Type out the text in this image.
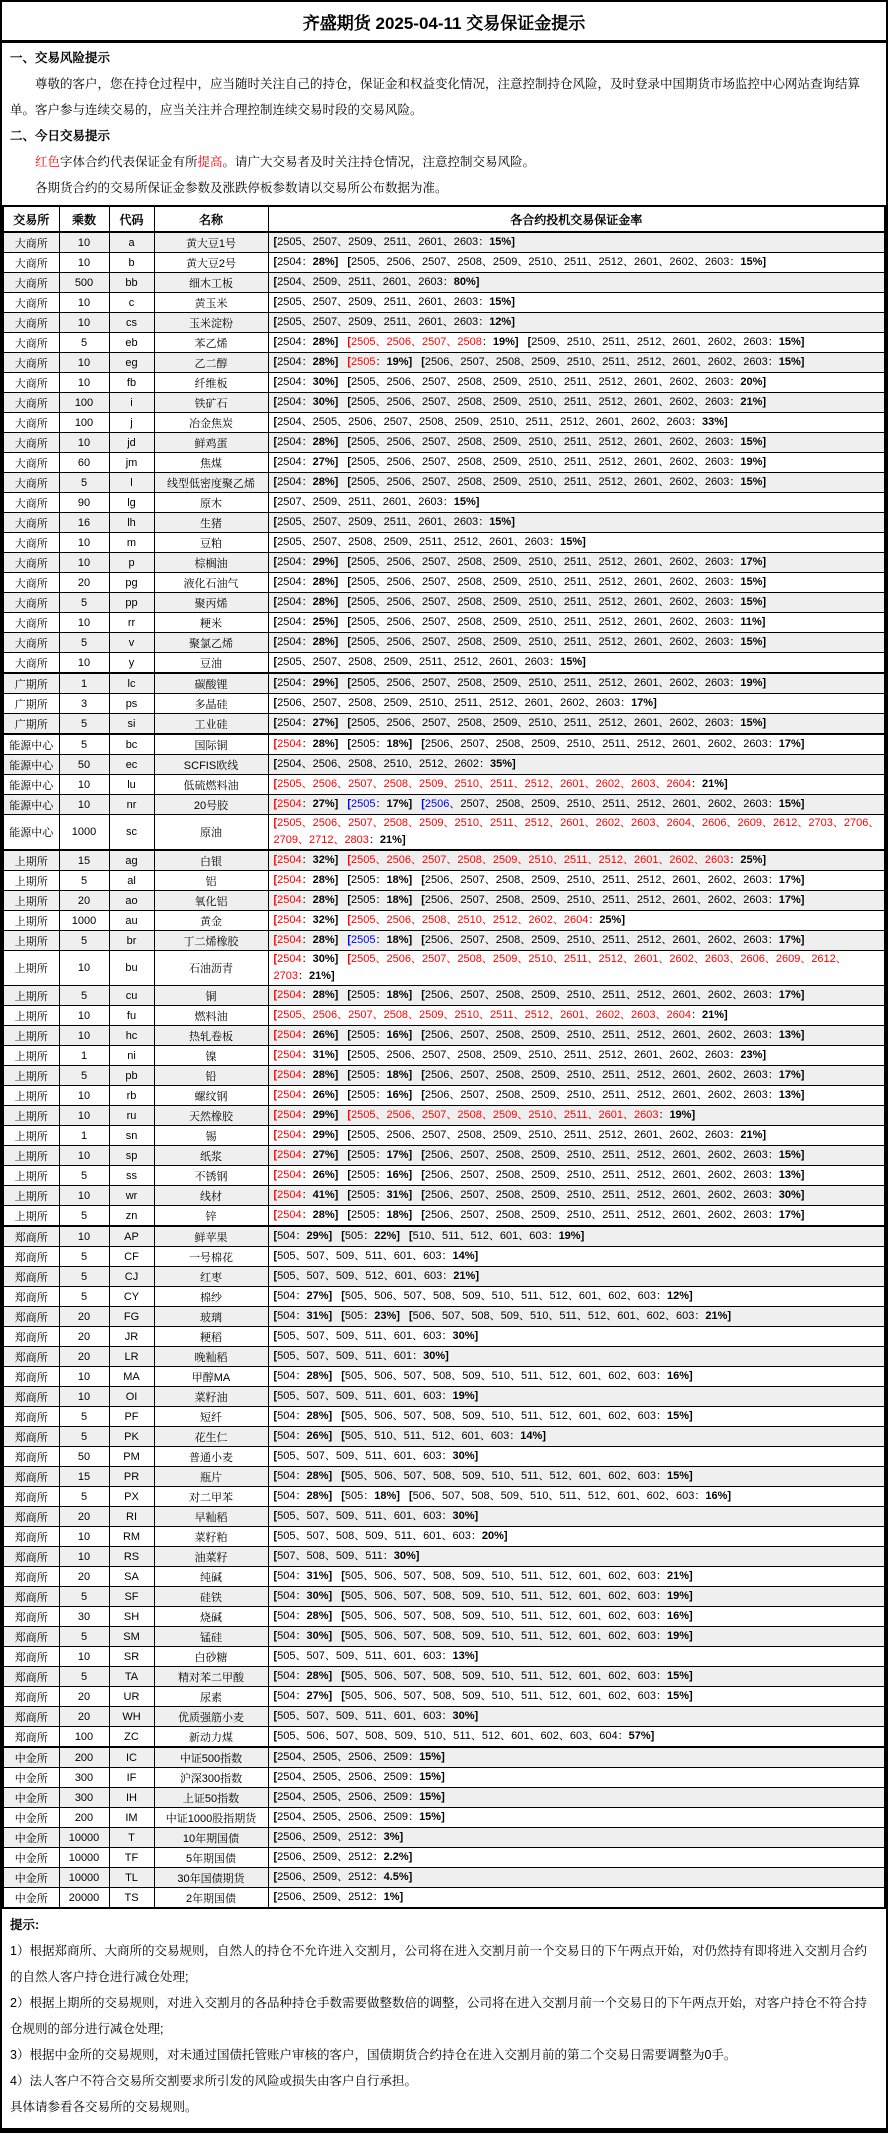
齐盛期货 2025-04-11 交易保证金提示
一、交易风险提示

尊敬的客户，您在持仓过程中，应当随时关注自己的持仓，保证金和权益变化情况，注意控制持仓风险，及时登录中国期货市场监控中心网站查询结算单。客户参与连续交易的，应当关注并合理控制连续交易时段的交易风险。

二、今日交易提示

红色字体合约代表保证金有所提高。请广大交易者及时关注持仓情况，注意控制交易风险。

各期货合约的交易所保证金参数及涨跌停板参数请以交易所公布数据为准。

交易所	乘数	代码	名称	各合约投机交易保证金率
大商所	10	a	黄大豆1号	[2505、2507、2509、2511、2601、2603：15%]
大商所	10	b	黄大豆2号	[2504：28%] [2505、2506、2507、2508、2509、2510、2511、2512、2601、2602、2603：15%]
大商所	500	bb	细木工板	[2504、2509、2511、2601、2603：80%]
大商所	10	c	黄玉米	[2505、2507、2509、2511、2601、2603：15%]
大商所	10	cs	玉米淀粉	[2505、2507、2509、2511、2601、2603：12%]
大商所	5	eb	苯乙烯	[2504：28%] [2505、2506、2507、2508：19%] [2509、2510、2511、2512、2601、2602、2603：15%]
大商所	10	eg	乙二醇	[2504：28%] [2505：19%] [2506、2507、2508、2509、2510、2511、2512、2601、2602、2603：15%]
大商所	10	fb	纤维板	[2504：30%] [2505、2506、2507、2508、2509、2510、2511、2512、2601、2602、2603：20%]
大商所	100	i	铁矿石	[2504：30%] [2505、2506、2507、2508、2509、2510、2511、2512、2601、2602、2603：21%]
大商所	100	j	冶金焦炭	[2504、2505、2506、2507、2508、2509、2510、2511、2512、2601、2602、2603：33%]
大商所	10	jd	鲜鸡蛋	[2504：28%] [2505、2506、2507、2508、2509、2510、2511、2512、2601、2602、2603：15%]
大商所	60	jm	焦煤	[2504：27%] [2505、2506、2507、2508、2509、2510、2511、2512、2601、2602、2603：19%]
大商所	5	l	线型低密度聚乙烯	[2504：28%] [2505、2506、2507、2508、2509、2510、2511、2512、2601、2602、2603：15%]
大商所	90	lg	原木	[2507、2509、2511、2601、2603：15%]
大商所	16	lh	生猪	[2505、2507、2509、2511、2601、2603：15%]
大商所	10	m	豆粕	[2505、2507、2508、2509、2511、2512、2601、2603：15%]
大商所	10	p	棕榈油	[2504：29%] [2505、2506、2507、2508、2509、2510、2511、2512、2601、2602、2603：17%]
大商所	20	pg	液化石油气	[2504：28%] [2505、2506、2507、2508、2509、2510、2511、2512、2601、2602、2603：15%]
大商所	5	pp	聚丙烯	[2504：28%] [2505、2506、2507、2508、2509、2510、2511、2512、2601、2602、2603：15%]
大商所	10	rr	粳米	[2504：25%] [2505、2506、2507、2508、2509、2510、2511、2512、2601、2602、2603：11%]
大商所	5	v	聚氯乙烯	[2504：28%] [2505、2506、2507、2508、2509、2510、2511、2512、2601、2602、2603：15%]
大商所	10	y	豆油	[2505、2507、2508、2509、2511、2512、2601、2603：15%]
广期所	1	lc	碳酸锂	[2504：29%] [2505、2506、2507、2508、2509、2510、2511、2512、2601、2602、2603：19%]
广期所	3	ps	多晶硅	[2506、2507、2508、2509、2510、2511、2512、2601、2602、2603：17%]
广期所	5	si	工业硅	[2504：27%] [2505、2506、2507、2508、2509、2510、2511、2512、2601、2602、2603：15%]
能源中心	5	bc	国际铜	[2504：28%] [2505：18%] [2506、2507、2508、2509、2510、2511、2512、2601、2602、2603：17%]
能源中心	50	ec	SCFIS欧线	[2504、2506、2508、2510、2512、2602：35%]
能源中心	10	lu	低硫燃料油	[2505、2506、2507、2508、2509、2510、2511、2512、2601、2602、2603、2604：21%]
能源中心	10	nr	20号胶	[2504：27%] [2505：17%] [2506、2507、2508、2509、2510、2511、2512、2601、2602、2603：15%]
能源中心	1000	sc	原油	[2505、2506、2507、2508、2509、2510、2511、2512、2601、2602、2603、2604、2606、2609、2612、2703、2706、2709、2712、2803：21%]
上期所	15	ag	白银	[2504：32%] [2505、2506、2507、2508、2509、2510、2511、2512、2601、2602、2603：25%]
上期所	5	al	铝	[2504：28%] [2505：18%] [2506、2507、2508、2509、2510、2511、2512、2601、2602、2603：17%]
上期所	20	ao	氧化铝	[2504：28%] [2505：18%] [2506、2507、2508、2509、2510、2511、2512、2601、2602、2603：17%]
上期所	1000	au	黄金	[2504：32%] [2505、2506、2508、2510、2512、2602、2604：25%]
上期所	5	br	丁二烯橡胶	[2504：28%] [2505：18%] [2506、2507、2508、2509、2510、2511、2512、2601、2602、2603：17%]
上期所	10	bu	石油沥青	[2504：30%] [2505、2506、2507、2508、2509、2510、2511、2512、2601、2602、2603、2606、2609、2612、2703：21%]
上期所	5	cu	铜	[2504：28%] [2505：18%] [2506、2507、2508、2509、2510、2511、2512、2601、2602、2603：17%]
上期所	10	fu	燃料油	[2505、2506、2507、2508、2509、2510、2511、2512、2601、2602、2603、2604：21%]
上期所	10	hc	热轧卷板	[2504：26%] [2505：16%] [2506、2507、2508、2509、2510、2511、2512、2601、2602、2603：13%]
上期所	1	ni	镍	[2504：31%] [2505、2506、2507、2508、2509、2510、2511、2512、2601、2602、2603：23%]
上期所	5	pb	铅	[2504：28%] [2505：18%] [2506、2507、2508、2509、2510、2511、2512、2601、2602、2603：17%]
上期所	10	rb	螺纹钢	[2504：26%] [2505：16%] [2506、2507、2508、2509、2510、2511、2512、2601、2602、2603：13%]
上期所	10	ru	天然橡胶	[2504：29%] [2505、2506、2507、2508、2509、2510、2511、2601、2603：19%]
上期所	1	sn	锡	[2504：29%] [2505、2506、2507、2508、2509、2510、2511、2512、2601、2602、2603：21%]
上期所	10	sp	纸浆	[2504：27%] [2505：17%] [2506、2507、2508、2509、2510、2511、2512、2601、2602、2603：15%]
上期所	5	ss	不锈钢	[2504：26%] [2505：16%] [2506、2507、2508、2509、2510、2511、2512、2601、2602、2603：13%]
上期所	10	wr	线材	[2504：41%] [2505：31%] [2506、2507、2508、2509、2510、2511、2512、2601、2602、2603：30%]
上期所	5	zn	锌	[2504：28%] [2505：18%] [2506、2507、2508、2509、2510、2511、2512、2601、2602、2603：17%]
郑商所	10	AP	鲜苹果	[504：29%] [505：22%] [510、511、512、601、603：19%]
郑商所	5	CF	一号棉花	[505、507、509、511、601、603：14%]
郑商所	5	CJ	红枣	[505、507、509、512、601、603：21%]
郑商所	5	CY	棉纱	[504：27%] [505、506、507、508、509、510、511、512、601、602、603：12%]
郑商所	20	FG	玻璃	[504：31%] [505：23%] [506、507、508、509、510、511、512、601、602、603：21%]
郑商所	20	JR	粳稻	[505、507、509、511、601、603：30%]
郑商所	20	LR	晚籼稻	[505、507、509、511、601：30%]
郑商所	10	MA	甲醇MA	[504：28%] [505、506、507、508、509、510、511、512、601、602、603：16%]
郑商所	10	OI	菜籽油	[505、507、509、511、601、603：19%]
郑商所	5	PF	短纤	[504：28%] [505、506、507、508、509、510、511、512、601、602、603：15%]
郑商所	5	PK	花生仁	[504：26%] [505、510、511、512、601、603：14%]
郑商所	50	PM	普通小麦	[505、507、509、511、601、603：30%]
郑商所	15	PR	瓶片	[504：28%] [505、506、507、508、509、510、511、512、601、602、603：15%]
郑商所	5	PX	对二甲苯	[504：28%] [505：18%] [506、507、508、509、510、511、512、601、602、603：16%]
郑商所	20	RI	早籼稻	[505、507、509、511、601、603：30%]
郑商所	10	RM	菜籽粕	[505、507、508、509、511、601、603：20%]
郑商所	10	RS	油菜籽	[507、508、509、511：30%]
郑商所	20	SA	纯碱	[504：31%] [505、506、507、508、509、510、511、512、601、602、603：21%]
郑商所	5	SF	硅铁	[504：30%] [505、506、507、508、509、510、511、512、601、602、603：19%]
郑商所	30	SH	烧碱	[504：28%] [505、506、507、508、509、510、511、512、601、602、603：16%]
郑商所	5	SM	锰硅	[504：30%] [505、506、507、508、509、510、511、512、601、602、603：19%]
郑商所	10	SR	白砂糖	[505、507、509、511、601、603：13%]
郑商所	5	TA	精对苯二甲酸	[504：28%] [505、506、507、508、509、510、511、512、601、602、603：15%]
郑商所	20	UR	尿素	[504：27%] [505、506、507、508、509、510、511、512、601、602、603：15%]
郑商所	20	WH	优质强筋小麦	[505、507、509、511、601、603：30%]
郑商所	100	ZC	新动力煤	[505、506、507、508、509、510、511、512、601、602、603、604：57%]
中金所	200	IC	中证500指数	[2504、2505、2506、2509：15%]
中金所	300	IF	沪深300指数	[2504、2505、2506、2509：15%]
中金所	300	IH	上证50指数	[2504、2505、2506、2509：15%]
中金所	200	IM	中证1000股指期货	[2504、2505、2506、2509：15%]
中金所	10000	T	10年期国债	[2506、2509、2512：3%]
中金所	10000	TF	5年期国债	[2506、2509、2512：2.2%]
中金所	10000	TL	30年国债期货	[2506、2509、2512：4.5%]
中金所	20000	TS	2年期国债	[2506、2509、2512：1%]
提示:
1）根据郑商所、大商所的交易规则，自然人的持仓不允许进入交割月，公司将在进入交割月前一个交易日的下午两点开始，对仍然持有即将进入交割月合约的自然人客户持仓进行减仓处理;
2）根据上期所的交易规则，对进入交割月的各品种持仓手数需要做整数倍的调整，公司将在进入交割月前一个交易日的下午两点开始，对客户持仓不符合持仓规则的部分进行减仓处理;
3）根据中金所的交易规则，对未通过国债托管账户审核的客户，国债期货合约持仓在进入交割月前的第二个交易日需要调整为0手。
4）法人客户不符合交易所交割要求所引发的风险或损失由客户自行承担。
具体请参看各交易所的交易规则。
